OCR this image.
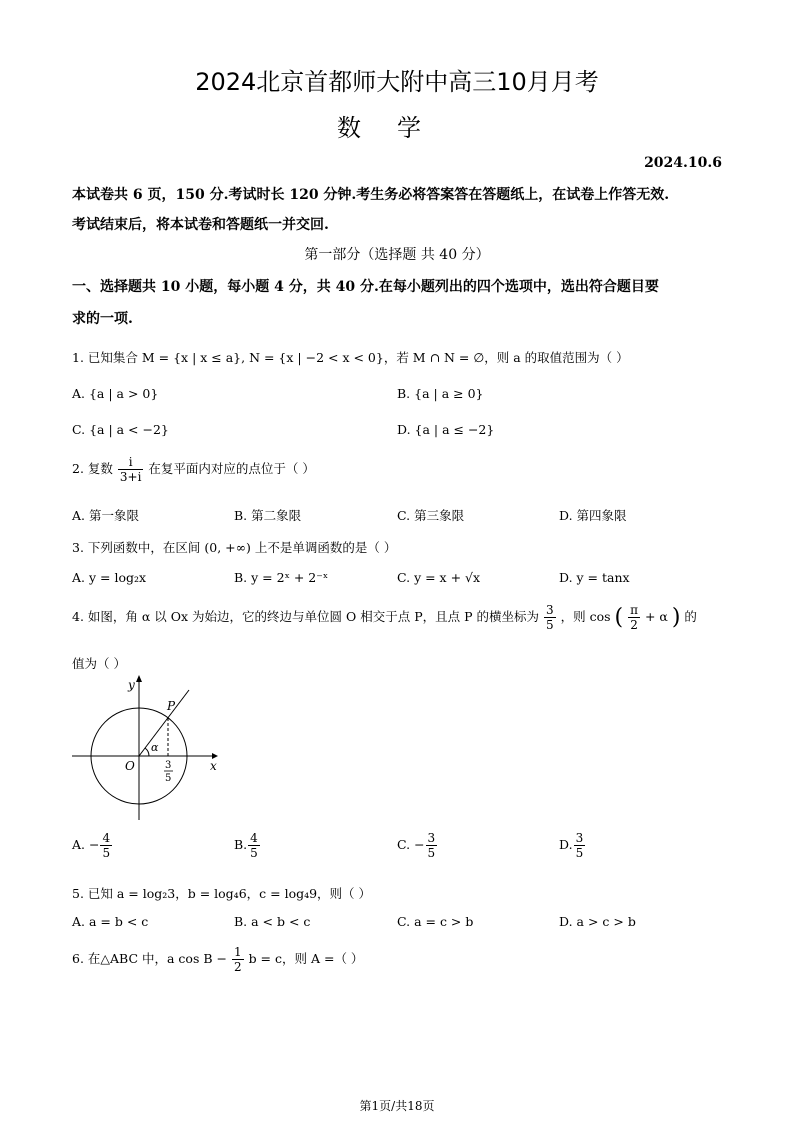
2024北京首都师大附中高三10月月考
数学
2024.10.6
本试卷共 6 页，150 分.考试时长 120 分钟.考生务必将答案答在答题纸上，在试卷上作答无效.
考试结束后，将本试卷和答题纸一并交回.
第一部分（选择题 共 40 分）
一、选择题共 10 小题，每小题 4 分，共 40 分.在每小题列出的四个选项中，选出符合题目要
求的一项.
1. 已知集合 M = {x | x ≤ a}, N = {x | −2 < x < 0}，若 M ∩ N = ∅，则 a 的取值范围为（ ）
A. {a | a > 0}	B. {a | a ≥ 0}
C. {a | a < −2}	D. {a | a ≤ −2}
2. 复数 $\frac{i}{3+i}$ 在复平面内对应的点位于（ ）
A. 第一象限	B. 第二象限	C. 第三象限	D. 第四象限
3. 下列函数中，在区间 (0, +∞) 上不是单调函数的是（ ）
A. y = log₂x	B. y = 2ˣ + 2⁻ˣ	C. y = x + √x	D. y = tanx
4. 如图，角 α 以 Ox 为始边，它的终边与单位圆 O 相交于点 P，且点 P 的横坐标为 $\frac{3}{5}$ ，则 cos ( $\frac{\pi}{2} + \alpha$ ) 的
值为（ ）
y
x
O
P
α
3
5
A. − $\frac{4}{5}$	B. $\frac{4}{5}$	C. − $\frac{3}{5}$	D. $\frac{3}{5}$
5. 已知 a = log₂3，b = log₄6，c = log₄9，则（ ）
A. a = b < c	B. a < b < c	C. a = c > b	D. a > c > b
6. 在△ABC 中，a $\cos B - \frac{1}{2}$ b = c，则 A =（ ）
第1页/共18页
